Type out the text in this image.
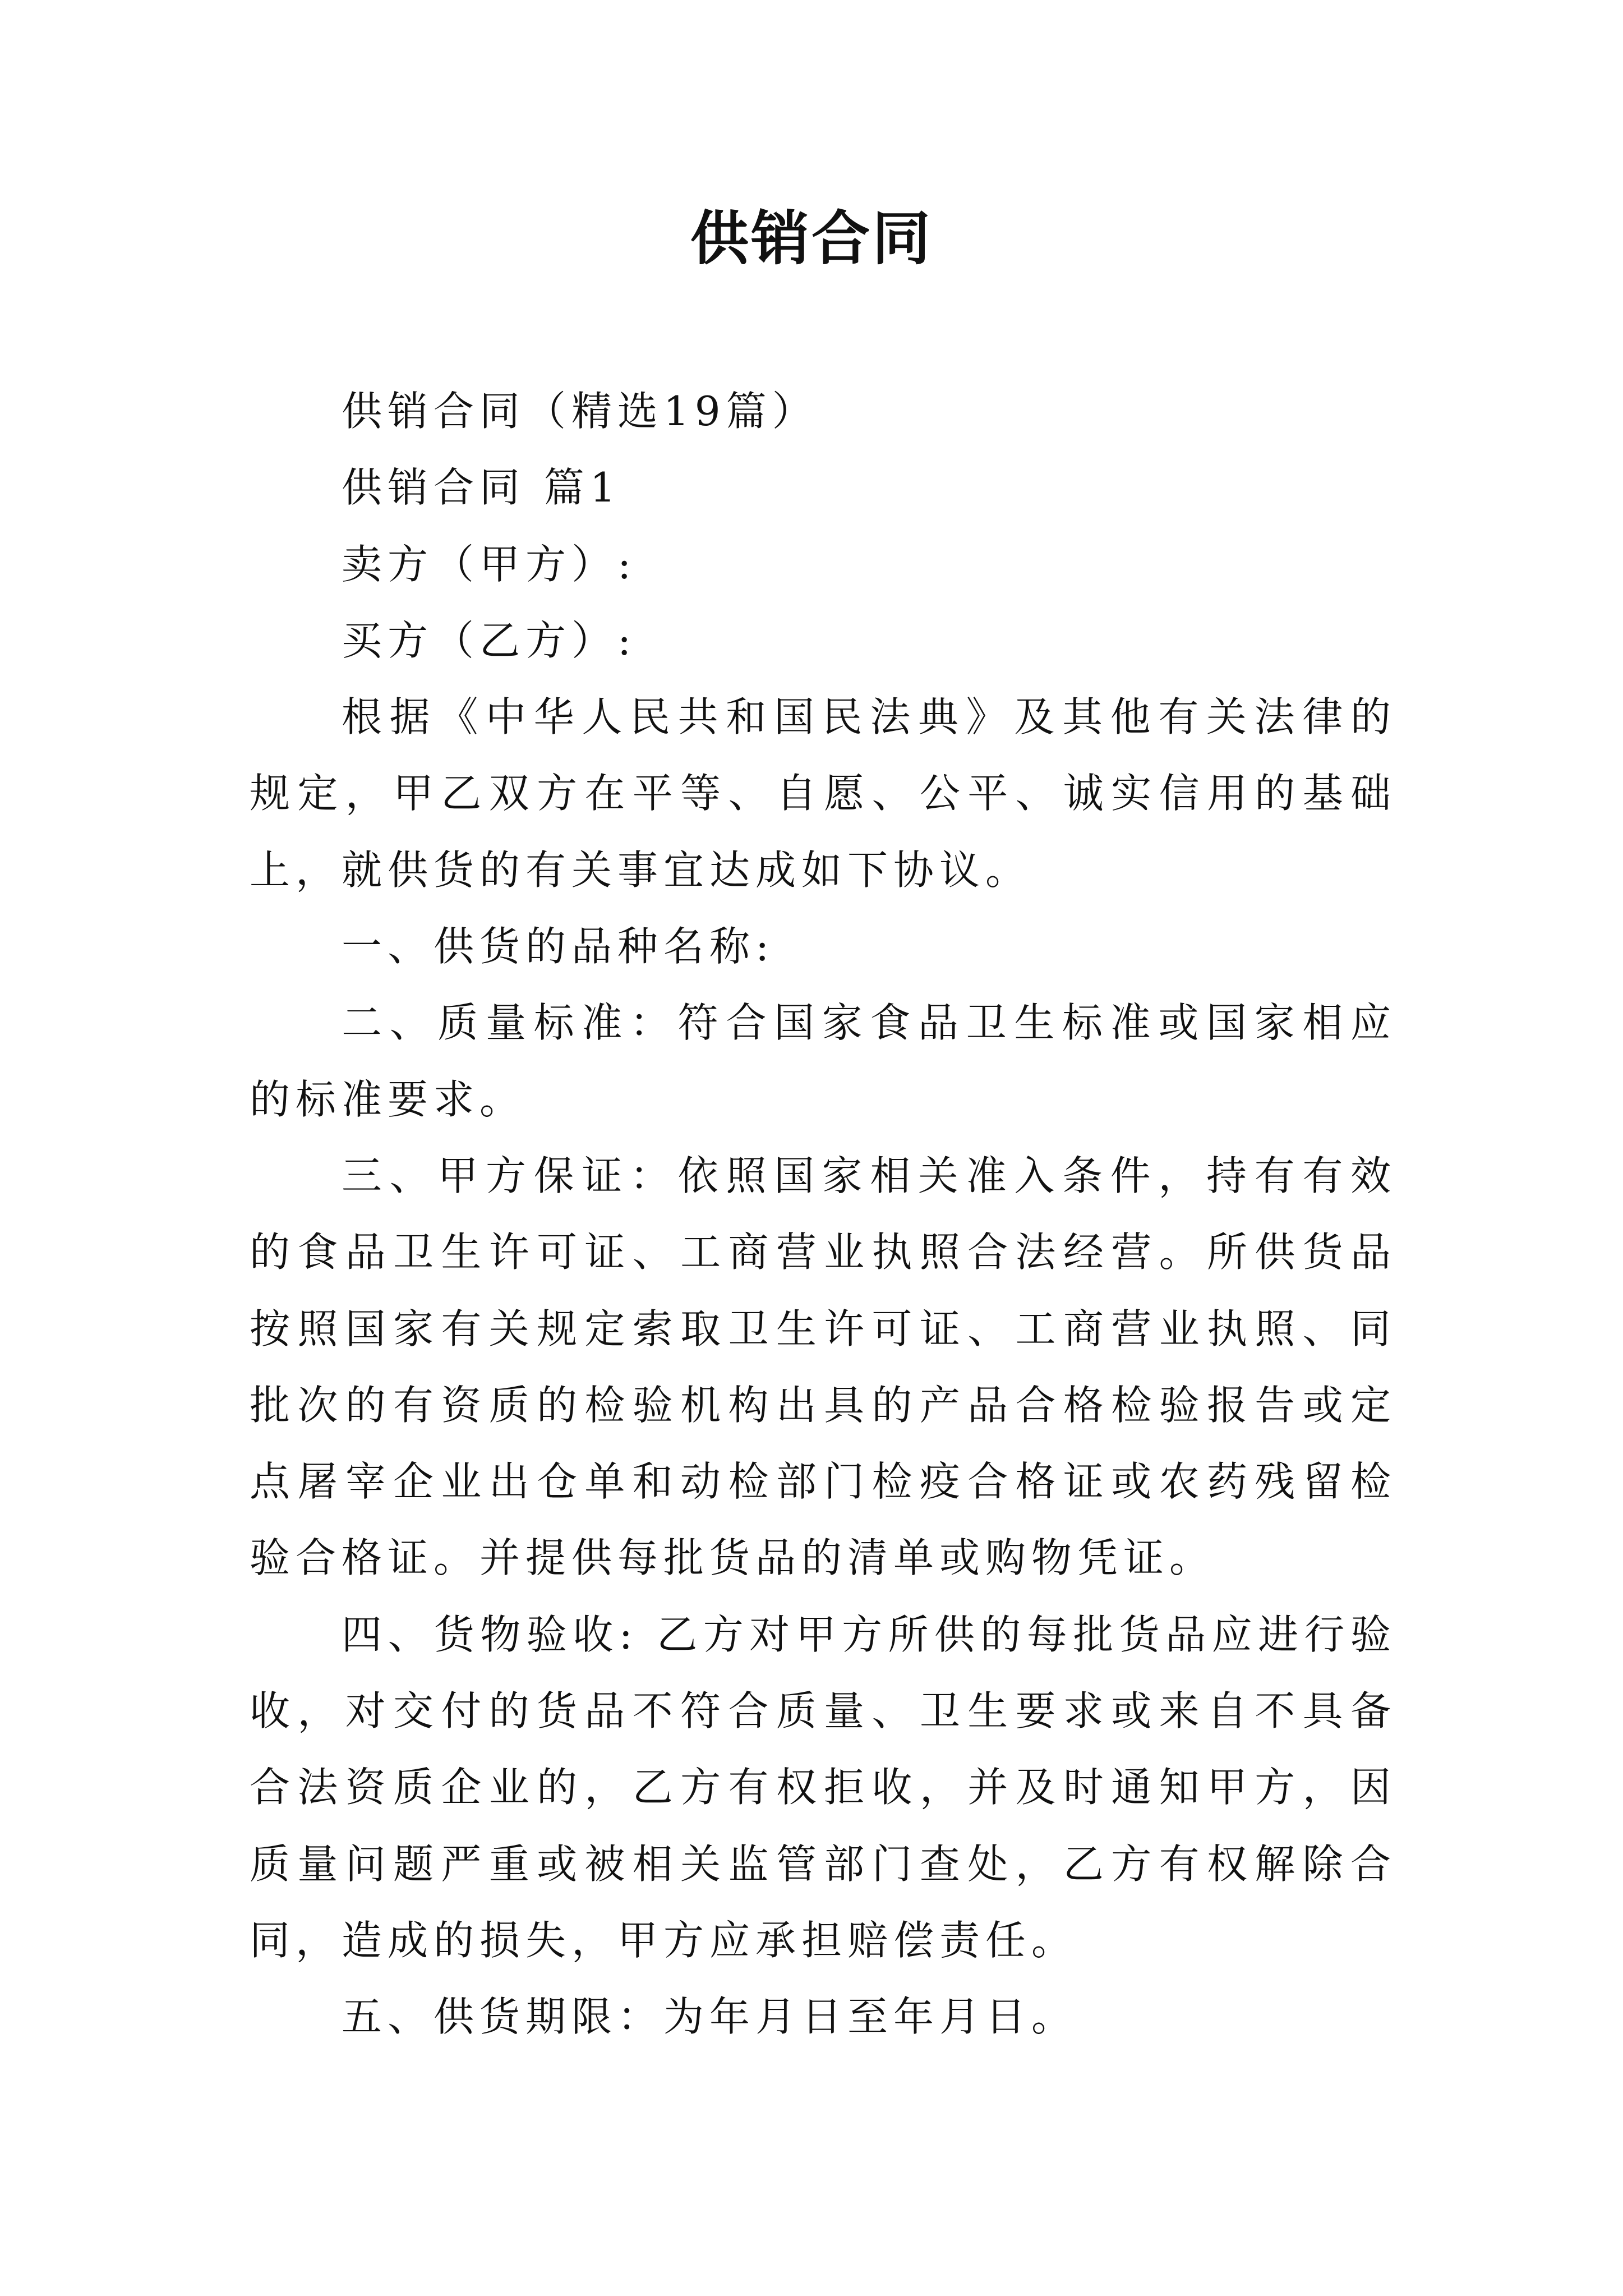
供销合同

供销合同（精选19篇）

供销合同 篇1

卖方（甲方）:

买方（乙方）:

根据《中华人民共和国民法典》及其他有关法律的规定，甲乙双方在平等、自愿、公平、诚实信用的基础上，就供货的有关事宜达成如下协议。

一、供货的品种名称:

二、质量标准：符合国家食品卫生标准或国家相应的标准要求。

三、甲方保证：依照国家相关准入条件，持有有效的食品卫生许可证、工商营业执照合法经营。所供货品按照国家有关规定索取卫生许可证、工商营业执照、同批次的有资质的检验机构出具的产品合格检验报告或定点屠宰企业出仓单和动检部门检疫合格证或农药残留检验合格证。并提供每批货品的清单或购物凭证。

四、货物验收: 乙方对甲方所供的每批货品应进行验收，对交付的货品不符合质量、卫生要求或来自不具备合法资质企业的，乙方有权拒收，并及时通知甲方，因质量问题严重或被相关监管部门查处，乙方有权解除合同，造成的损失，甲方应承担赔偿责任。

五、供货期限：为年月日至年月日。
